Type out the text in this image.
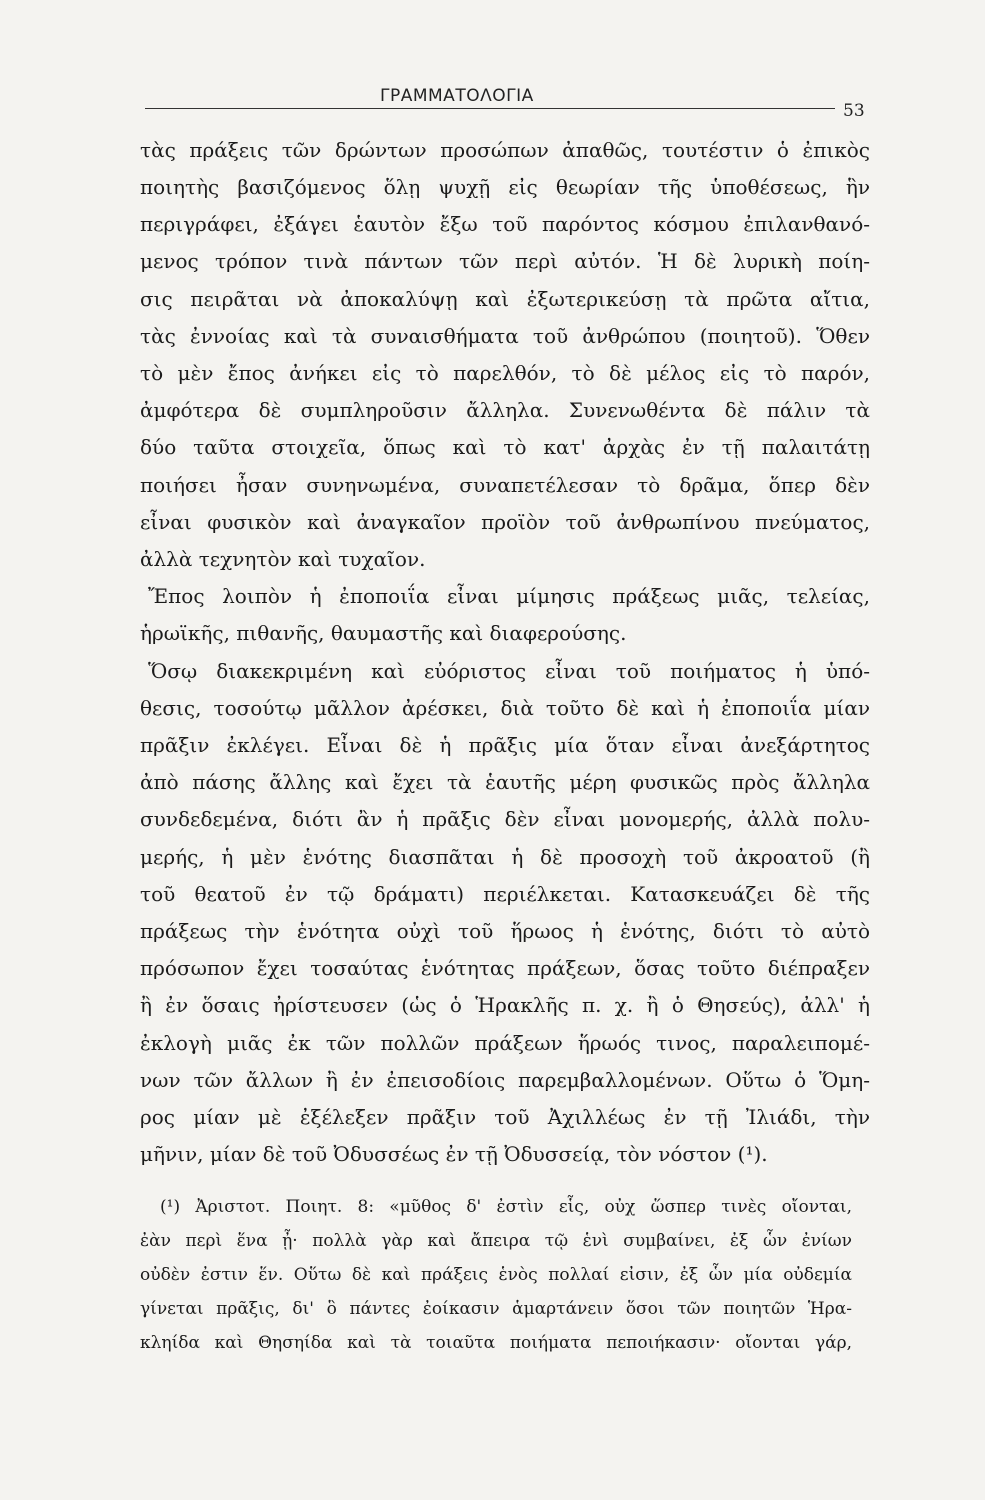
ΓΡΑΜΜΑΤΟΛΟΓΙΑ
53
τὰς πράξεις τῶν δρώντων προσώπων ἀπαθῶς, τουτέστιν ὁ ἐπικὸς
ποιητὴς βασιζόμενος ὅλῃ ψυχῇ εἰς θεωρίαν τῆς ὑποθέσεως, ἣν
περιγράφει, ἐξάγει ἑαυτὸν ἔξω τοῦ παρόντος κόσμου ἐπιλανθανό-
μενος τρόπον τινὰ πάντων τῶν περὶ αὐτόν. Ἡ δὲ λυρικὴ ποίη-
σις πειρᾶται νὰ ἀποκαλύψῃ καὶ ἐξωτερικεύσῃ τὰ πρῶτα αἴτια,
τὰς ἐννοίας καὶ τὰ συναισθήματα τοῦ ἀνθρώπου (ποιητοῦ). Ὅθεν
τὸ μὲν ἔπος ἀνήκει εἰς τὸ παρελθόν, τὸ δὲ μέλος εἰς τὸ παρόν,
ἀμφότερα δὲ συμπληροῦσιν ἄλληλα. Συνενωθέντα δὲ πάλιν τὰ
δύο ταῦτα στοιχεῖα, ὅπως καὶ τὸ κατ' ἀρχὰς ἐν τῇ παλαιτάτῃ
ποιήσει ἦσαν συνηνωμένα, συναπετέλεσαν τὸ δρᾶμα, ὅπερ δὲν
εἶναι φυσικὸν καὶ ἀναγκαῖον προϊὸν τοῦ ἀνθρωπίνου πνεύματος,
ἀλλὰ τεχνητὸν καὶ τυχαῖον.
Ἔπος λοιπὸν ἡ ἐποποιΐα εἶναι μίμησις πράξεως μιᾶς, τελείας,
ἡρωϊκῆς, πιθανῆς, θαυμαστῆς καὶ διαφερούσης.
Ὅσῳ διακεκριμένη καὶ εὐόριστος εἶναι τοῦ ποιήματος ἡ ὑπό-
θεσις, τοσούτῳ μᾶλλον ἀρέσκει, διὰ τοῦτο δὲ καὶ ἡ ἐποποιΐα μίαν
πρᾶξιν ἐκλέγει. Εἶναι δὲ ἡ πρᾶξις μία ὅταν εἶναι ἀνεξάρτητος
ἀπὸ πάσης ἄλλης καὶ ἔχει τὰ ἑαυτῆς μέρη φυσικῶς πρὸς ἄλληλα
συνδεδεμένα, διότι ἂν ἡ πρᾶξις δὲν εἶναι μονομερής, ἀλλὰ πολυ-
μερής, ἡ μὲν ἑνότης διασπᾶται ἡ δὲ προσοχὴ τοῦ ἀκροατοῦ (ἢ
τοῦ θεατοῦ ἐν τῷ δράματι) περιέλκεται. Κατασκευάζει δὲ τῆς
πράξεως τὴν ἑνότητα οὐχὶ τοῦ ἥρωος ἡ ἑνότης, διότι τὸ αὐτὸ
πρόσωπον ἔχει τοσαύτας ἑνότητας πράξεων, ὅσας τοῦτο διέπραξεν
ἢ ἐν ὅσαις ἠρίστευσεν (ὡς ὁ Ἡρακλῆς π. χ. ἢ ὁ Θησεύς), ἀλλ' ἡ
ἐκλογὴ μιᾶς ἐκ τῶν πολλῶν πράξεων ἥρωός τινος, παραλειπομέ-
νων τῶν ἄλλων ἢ ἐν ἐπεισοδίοις παρεμβαλλομένων. Οὕτω ὁ Ὅμη-
ρος μίαν μὲ ἐξέλεξεν πρᾶξιν τοῦ Ἀχιλλέως ἐν τῇ Ἰλιάδι, τὴν
μῆνιν, μίαν δὲ τοῦ Ὀδυσσέως ἐν τῇ Ὀδυσσείᾳ, τὸν νόστον (¹).
(¹) Ἀριστοτ. Ποιητ. 8: «μῦθος δ' ἐστὶν εἷς, οὐχ ὥσπερ τινὲς οἴονται,
ἐὰν περὶ ἕνα ᾖ· πολλὰ γὰρ καὶ ἄπειρα τῷ ἑνὶ συμβαίνει, ἐξ ὧν ἐνίων
οὐδὲν ἐστιν ἕν. Οὕτω δὲ καὶ πράξεις ἑνὸς πολλαί εἰσιν, ἐξ ὧν μία οὐδεμία
γίνεται πρᾶξις, δι' ὃ πάντες ἐοίκασιν ἁμαρτάνειν ὅσοι τῶν ποιητῶν Ἡρα-
κληίδα καὶ Θησηίδα καὶ τὰ τοιαῦτα ποιήματα πεποιήκασιν· οἴονται γάρ,
